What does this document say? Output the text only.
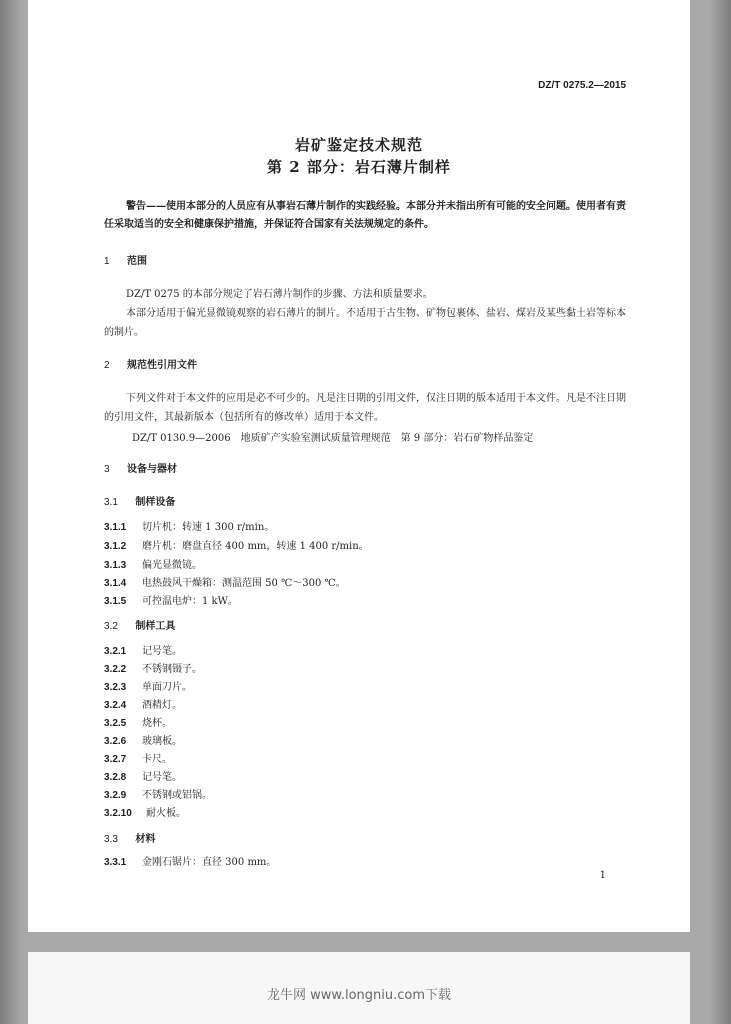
DZ/T 0275.2—2015
岩矿鉴定技术规范
第 2 部分：岩石薄片制样
警告——使用本部分的人员应有从事岩石薄片制作的实践经验。本部分并未指出所有可能的安全问题。使用者有责任采取适当的安全和健康保护措施，并保证符合国家有关法规规定的条件。
1 范围
DZ/T 0275 的本部分规定了岩石薄片制作的步骤、方法和质量要求。
本部分适用于偏光显微镜观察的岩石薄片的制片。不适用于古生物、矿物包裹体、盐岩、煤岩及某些黏土岩等标本的制片。
2 规范性引用文件
下列文件对于本文件的应用是必不可少的。凡是注日期的引用文件，仅注日期的版本适用于本文件。凡是不注日期的引用文件，其最新版本（包括所有的修改单）适用于本文件。
DZ/T 0130.9—2006　地质矿产实验室测试质量管理规范　第 9 部分：岩石矿物样品鉴定
3 设备与器材
3.1 制样设备
3.1.1 切片机：转速 1 300 r/min。
3.1.2 磨片机：磨盘直径 400 mm，转速 1 400 r/min。
3.1.3 偏光显微镜。
3.1.4 电热鼓风干燥箱：测温范围 50 ℃～300 ℃。
3.1.5 可控温电炉：1 kW。
3.2 制样工具
3.2.1 记号笔。
3.2.2 不锈钢镊子。
3.2.3 单面刀片。
3.2.4 酒精灯。
3.2.5 烧杯。
3.2.6 玻璃板。
3.2.7 卡尺。
3.2.8 记号笔。
3.2.9 不锈钢或铝锅。
3.2.10 耐火板。
3.3 材料
3.3.1 金刚石锯片：直径 300 mm。
1
龙牛网 www.longniu.com下载
